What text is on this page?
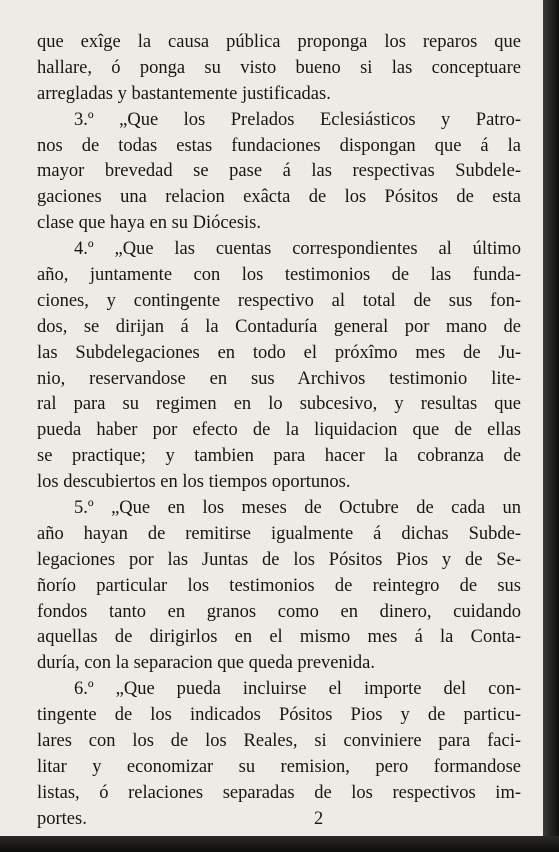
que exîge la causa pública proponga los reparos que
hallare, ó ponga su visto bueno si las conceptuare
arregladas y bastantemente justificadas.
3.º „Que los Prelados Eclesiásticos y Patro-
nos de todas estas fundaciones dispongan que á la
mayor brevedad se pase á las respectivas Subdele-
gaciones una relacion exâcta de los Pósitos de esta
clase que haya en su Diócesis.
4.º „Que las cuentas correspondientes al último
año, juntamente con los testimonios de las funda-
ciones, y contingente respectivo al total de sus fon-
dos, se dirijan á la Contaduría general por mano de
las Subdelegaciones en todo el próxîmo mes de Ju-
nio, reservandose en sus Archivos testimonio lite-
ral para su regimen en lo subcesivo, y resultas que
pueda haber por efecto de la liquidacion que de ellas
se practique; y tambien para hacer la cobranza de
los descubiertos en los tiempos oportunos.
5.º „Que en los meses de Octubre de cada un
año hayan de remitirse igualmente á dichas Subde-
legaciones por las Juntas de los Pósitos Pios y de Se-
ñorío particular los testimonios de reintegro de sus
fondos tanto en granos como en dinero, cuidando
aquellas de dirigirlos en el mismo mes á la Conta-
duría, con la separacion que queda prevenida.
6.º „Que pueda incluirse el importe del con-
tingente de los indicados Pósitos Pios y de particu-
lares con los de los Reales, si conviniere para faci-
litar y economizar su remision, pero formandose
listas, ó relaciones separadas de los respectivos im-
portes.	2
